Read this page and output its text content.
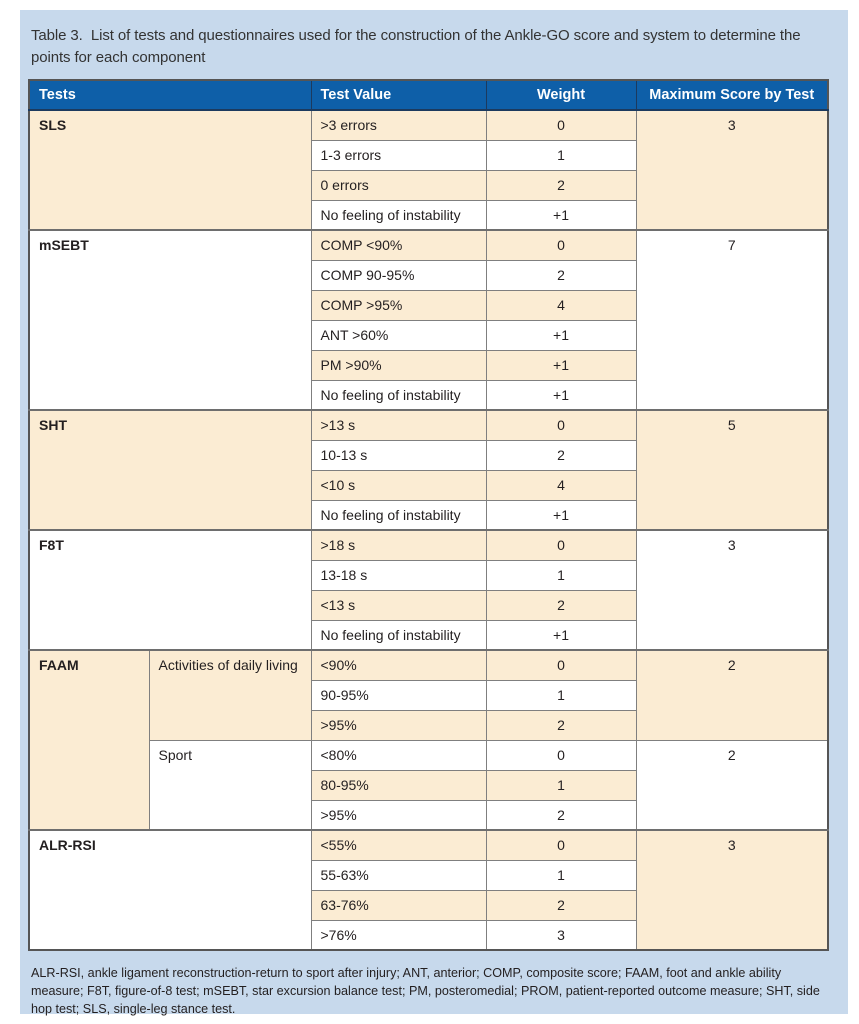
Table 3.  List of tests and questionnaires used for the construction of the Ankle-GO score and system to determine the points for each component
Tests		Test Value	Weight	Maximum Score by Test
SLS		>3 errors	0	3
		1-3 errors	1	
		0 errors	2	
		No feeling of instability	+1	
mSEBT		COMP <90%	0	7
		COMP 90-95%	2	
		COMP >95%	4	
		ANT >60%	+1	
		PM >90%	+1	
		No feeling of instability	+1	
SHT		>13 s	0	5
		10-13 s	2	
		<10 s	4	
		No feeling of instability	+1	
F8T		>18 s	0	3
		13-18 s	1	
		<13 s	2	
		No feeling of instability	+1	
FAAM	Activities of daily living	<90%	0	2
		90-95%	1	
		>95%	2	
	Sport	<80%	0	2
		80-95%	1	
		>95%	2	
ALR-RSI		<55%	0	3
		55-63%	1	
		63-76%	2	
		>76%	3	
ALR-RSI, ankle ligament reconstruction-return to sport after injury; ANT, anterior; COMP, composite score; FAAM, foot and ankle ability measure; F8T, figure-of-8 test; mSEBT, star excursion balance test; PM, posteromedial; PROM, patient-reported outcome measure; SHT, side hop test; SLS, single-leg stance test.
